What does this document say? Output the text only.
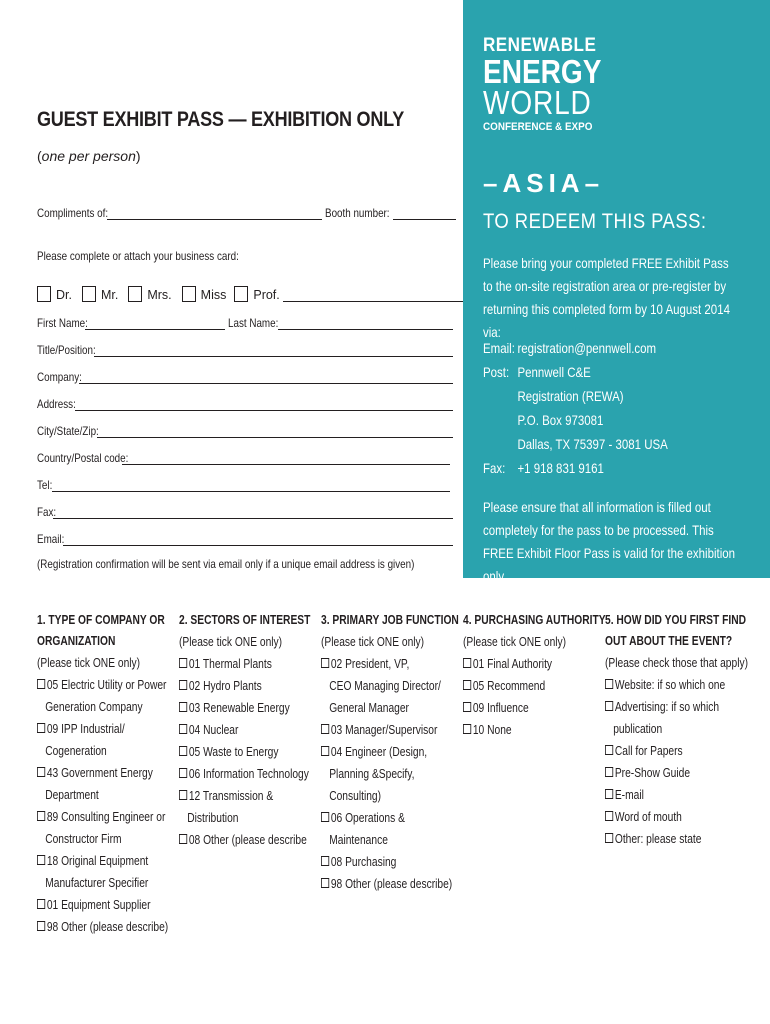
GUEST EXHIBIT PASS — EXHIBITION ONLY
(one per person)
Compliments of:	Booth number:
Please complete or attach your business card:
Dr. Mr. Mrs. Miss Prof.
First Name:	Last Name:
Title/Position:
Company:
Address:
City/State/Zip:
Country/Postal code:
Tel:
Fax:
Email:
(Registration confirmation will be sent via email only if a unique email address is given)
RENEWABLE
ENERGY
WORLD
CONFERENCE & EXPO
–ASIA–
TO REDEEM THIS PASS:
Please bring your completed FREE Exhibit Pass to the on-site registration area or pre-register by returning this completed form by 10 August 2014 via:
Email: registration@pennwell.com
Post: Pennwell C&E
Registration (REWA)
P.O. Box 973081
Dallas, TX 75397 - 3081 USA
Fax: +1 918 831 9161
Please ensure that all information is filled out completely for the pass to be processed. This FREE Exhibit Floor Pass is valid for the exhibition only.
1. TYPE OF COMPANY OR
ORGANIZATION
(Please tick ONE only)
05 Electric Utility or Power
Generation Company
09 IPP Industrial/
Cogeneration
43 Government Energy
Department
89 Consulting Engineer or
Constructor Firm
18 Original Equipment
Manufacturer Specifier
01 Equipment Supplier
98 Other (please describe)
2. SECTORS OF INTEREST
(Please tick ONE only)
01 Thermal Plants
02 Hydro Plants
03 Renewable Energy
04 Nuclear
05 Waste to Energy
06 Information Technology
12 Transmission &
Distribution
08 Other (please describe
3. PRIMARY JOB FUNCTION
(Please tick ONE only)
02 President, VP,
CEO Managing Director/
General Manager
03 Manager/Supervisor
04 Engineer (Design,
Planning &Specify,
Consulting)
06 Operations &
Maintenance
08 Purchasing
98 Other (please describe)
4. PURCHASING AUTHORITY
(Please tick ONE only)
01 Final Authority
05 Recommend
09 Influence
10 None
5. HOW DID YOU FIRST FIND
OUT ABOUT THE EVENT?
(Please check those that apply)
Website: if so which one
Advertising: if so which
publication
Call for Papers
Pre-Show Guide
E-mail
Word of mouth
Other: please state
